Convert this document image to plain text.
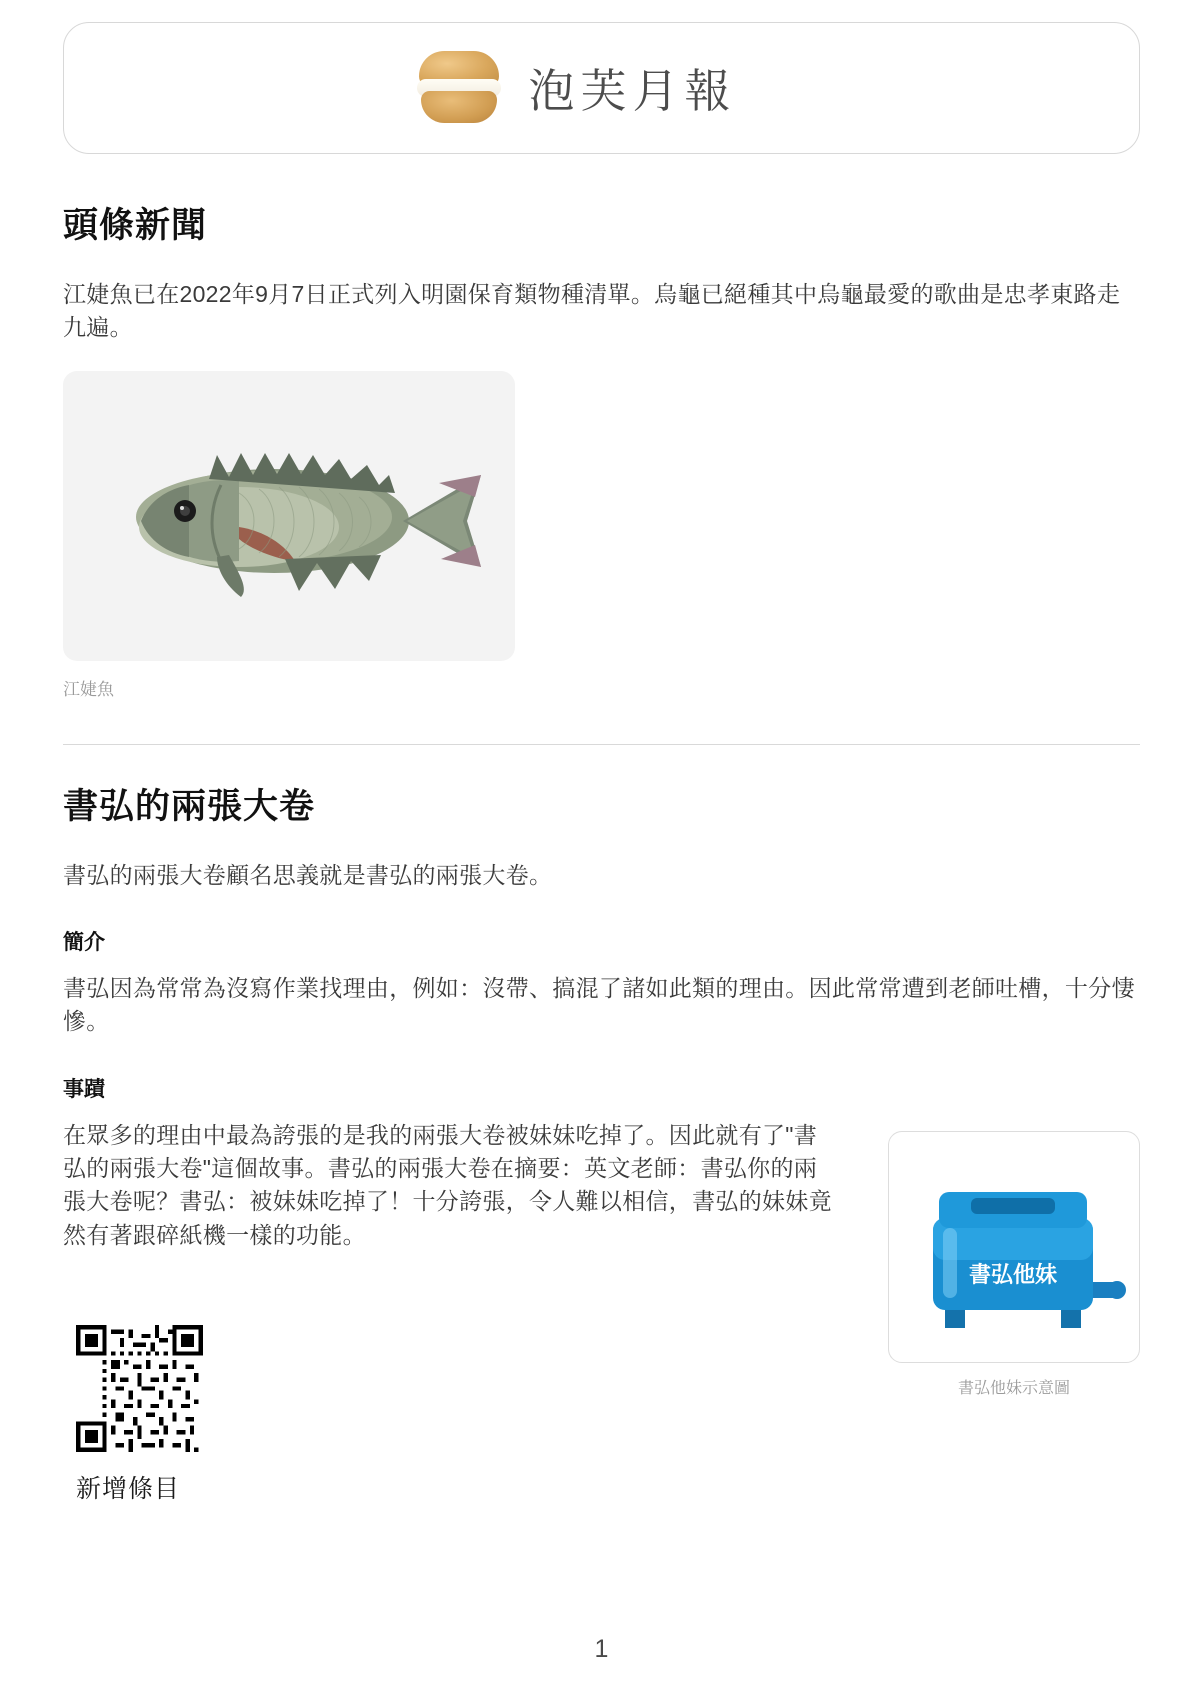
泡芙月報
頭條新聞

江婕魚已在2022年9月7日正式列入明園保育類物種清單。烏龜已絕種其中烏龜最愛的歌曲是忠孝東路走九遍。

江婕魚
書弘的兩張大卷

書弘的兩張大卷顧名思義就是書弘的兩張大卷。

簡介

書弘因為常常為沒寫作業找理由，例如：沒帶、搞混了諸如此類的理由。因此常常遭到老師吐槽，十分悽慘。

事蹟

在眾多的理由中最為誇張的是我的兩張大卷被妹妹吃掉了。因此就有了"書弘的兩張大卷"這個故事。書弘的兩張大卷在摘要：英文老師：書弘你的兩張大卷呢？書弘：被妹妹吃掉了！十分誇張，令人難以相信，書弘的妹妹竟然有著跟碎紙機一樣的功能。

書弘他妹
書弘他妹示意圖
新增條目
1
